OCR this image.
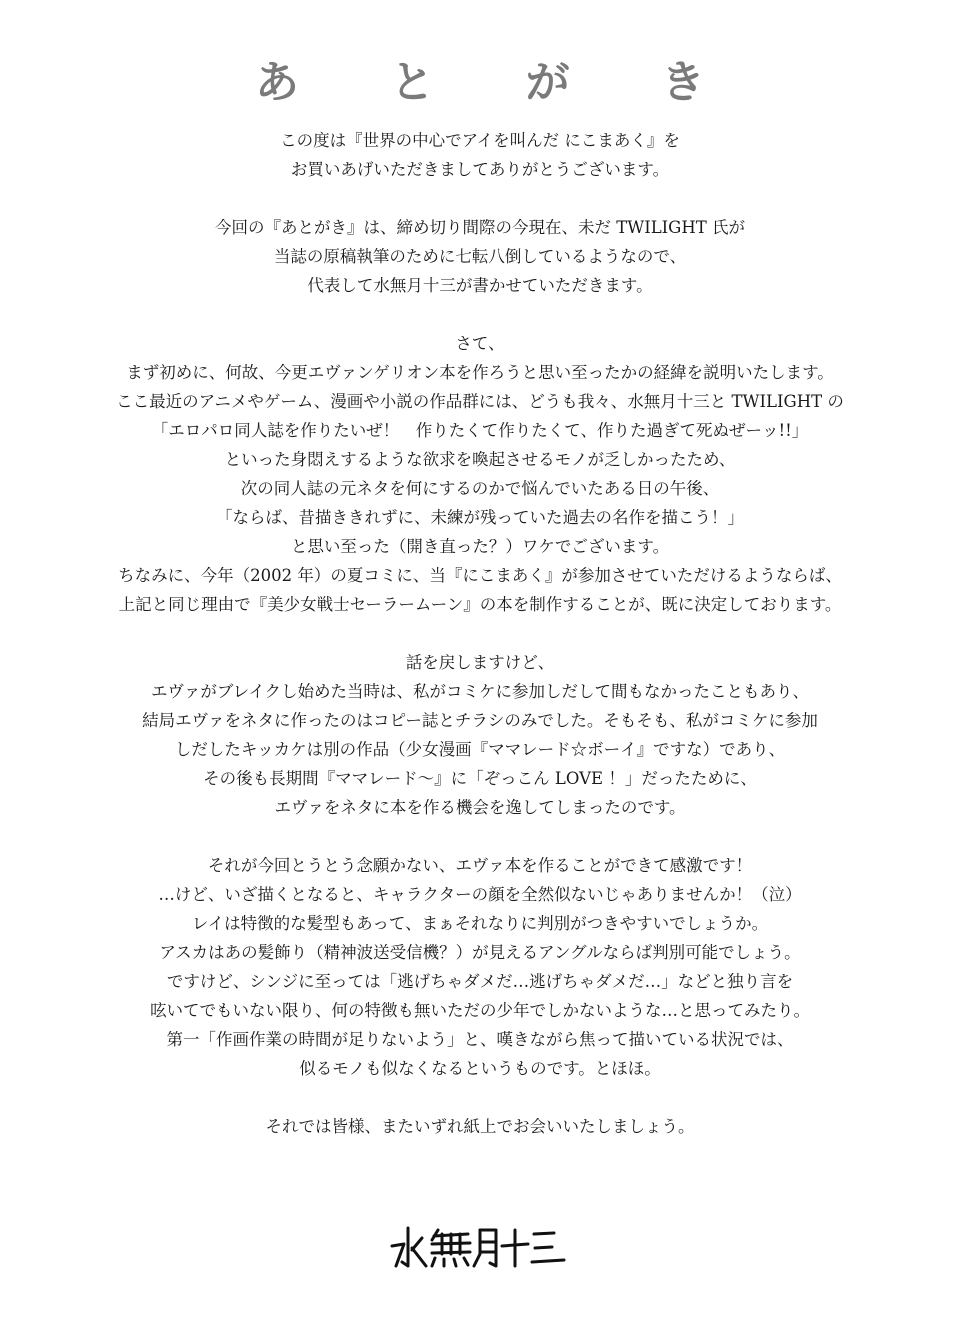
あ と が き

この度は『世界の中心でアイを叫んだ にこまあく』を
お買いあげいただきましてありがとうございます。

今回の『あとがき』は、締め切り間際の今現在、未だ TWILIGHT 氏が
当誌の原稿執筆のために七転八倒しているようなので、
代表して水無月十三が書かせていただきます。

さて、
まず初めに、何故、今更エヴァンゲリオン本を作ろうと思い至ったかの経緯を説明いたします。
ここ最近のアニメやゲーム、漫画や小説の作品群には、どうも我々、水無月十三と TWILIGHT の
「エロパロ同人誌を作りたいぜ！　作りたくて作りたくて、作りた過ぎて死ぬぜーッ!!」
といった身悶えするような欲求を喚起させるモノが乏しかったため、
次の同人誌の元ネタを何にするのかで悩んでいたある日の午後、
「ならば、昔描ききれずに、未練が残っていた過去の名作を描こう！」
と思い至った（開き直った？）ワケでございます。
ちなみに、今年（2002 年）の夏コミに、当『にこまあく』が参加させていただけるようならば、
上記と同じ理由で『美少女戦士セーラームーン』の本を制作することが、既に決定しております。

話を戻しますけど、
エヴァがブレイクし始めた当時は、私がコミケに参加しだして間もなかったこともあり、
結局エヴァをネタに作ったのはコピー誌とチラシのみでした。そもそも、私がコミケに参加
しだしたキッカケは別の作品（少女漫画『ママレード☆ボーイ』ですな）であり、
その後も長期間『ママレード～』に「ぞっこん LOVE ！」だったために、
エヴァをネタに本を作る機会を逸してしまったのです。

それが今回とうとう念願かない、エヴァ本を作ることができて感激です！
…けど、いざ描くとなると、キャラクターの顔を全然似ないじゃありませんか！（泣）
レイは特徴的な髪型もあって、まぁそれなりに判別がつきやすいでしょうか。
アスカはあの髪飾り（精神波送受信機？）が見えるアングルならば判別可能でしょう。
ですけど、シンジに至っては「逃げちゃダメだ…逃げちゃダメだ…」などと独り言を
呟いてでもいない限り、何の特徴も無いただの少年でしかないような…と思ってみたり。
第一「作画作業の時間が足りないよう」と、嘆きながら焦って描いている状況では、
似るモノも似なくなるというものです。とほほ。

それでは皆様、またいずれ紙上でお会いいたしましょう。
